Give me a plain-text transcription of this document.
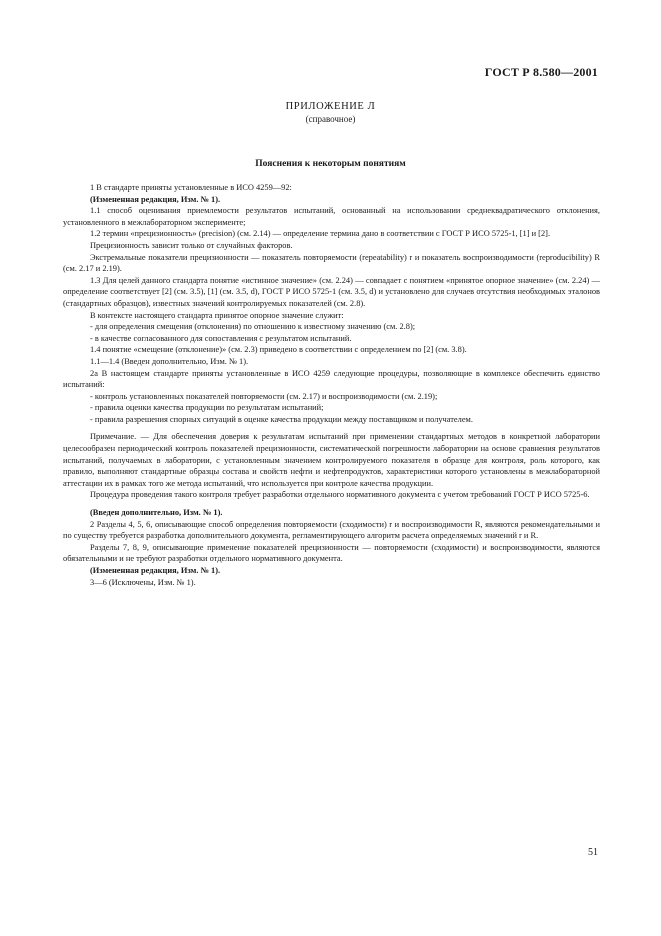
ГОСТ Р 8.580—2001
ПРИЛОЖЕНИЕ Л
(справочное)
Пояснения к некоторым понятиям

1 В стандарте приняты установленные в ИСО 4259—92:

(Измененная редакция, Изм. № 1).

1.1 способ оценивания приемлемости результатов испытаний, основанный на использовании среднеквадратического отклонения, установленного в межлабораторном эксперименте;

1.2 термин «прецизионность» (precision) (см. 2.14) — определение термина дано в соответствии с ГОСТ Р ИСО 5725-1, [1] и [2].

Прецизионность зависит только от случайных факторов.

Экстремальные показатели прецизионности — показатель повторяемости (repeatability) r и показатель воспроизводимости (reproducibility) R (см. 2.17 и 2.19).

1.3 Для целей данного стандарта понятие «истинное значение» (см. 2.24) — совпадает с понятием «принятое опорное значение» (см. 2.24) — определение соответствует [2] (см. 3.5), [1] (см. 3.5, d), ГОСТ Р ИСО 5725-1 (см. 3.5, d) и установлено для случаев отсутствия необходимых эталонов (стандартных образцов), известных значений контролируемых показателей (см. 2.8).

В контексте настоящего стандарта принятое опорное значение служит:

- для определения смещения (отклонения) по отношению к известному значению (см. 2.8);

- в качестве согласованного для сопоставления с результатом испытаний.

1.4 понятие «смещение (отклонение)» (см. 2.3) приведено в соответствии с определением по [2] (см. 3.8).

1.1—1.4 (Введен дополнительно, Изм. № 1).

2а В настоящем стандарте приняты установленные в ИСО 4259 следующие процедуры, позволяющие в комплексе обеспечить единство испытаний:

- контроль установленных показателей повторяемости (см. 2.17) и воспроизводимости (см. 2.19);

- правила оценки качества продукции по результатам испытаний;

- правила разрешения спорных ситуаций в оценке качества продукции между поставщиком и получателем.

Примечание. — Для обеспечения доверия к результатам испытаний при применении стандартных методов в конкретной лаборатории целесообразен периодический контроль показателей прецизионности, систематической погрешности лаборатории на основе сравнения результатов испытаний, получаемых в лаборатории, с установленным значением контролируемого показателя в образце для контроля, роль которого, как правило, выполняют стандартные образцы состава и свойств нефти и нефтепродуктов, характеристики которого установлены в межлабораторной аттестации их в рамках того же метода испытаний, что используется при контроле качества продукции.

Процедура проведения такого контроля требует разработки отдельного нормативного документа с учетом требований ГОСТ Р ИСО 5725-6.

(Введен дополнительно, Изм. № 1).

2 Разделы 4, 5, 6, описывающие способ определения повторяемости (сходимости) r и воспроизводимости R, являются рекомендательными и по существу требуется разработка дополнительного документа, регламентирующего алгоритм расчета определяемых значений r и R.

Разделы 7, 8, 9, описывающие применение показателей прецизионности — повторяемости (сходимости) и воспроизводимости, являются обязательными и не требуют разработки отдельного нормативного документа.

(Измененная редакция, Изм. № 1).

3—6 (Исключены, Изм. № 1).

51
